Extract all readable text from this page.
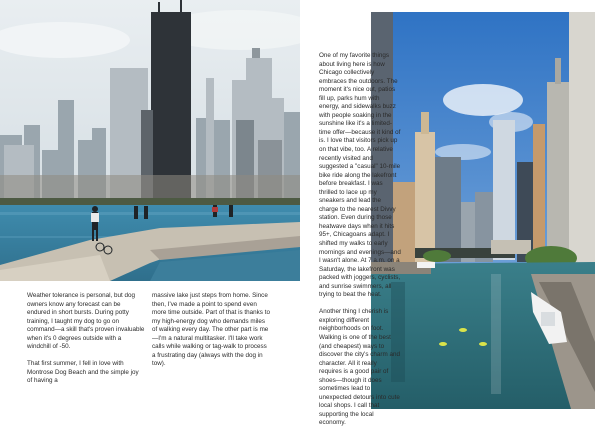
Weather tolerance is personal, but dog owners know any forecast can be endured in short bursts. During potty training, I taught my dog to go on command—a skill that's proven invaluable when it's 0 degrees outside with a windchill of -50.

That first summer, I fell in love with Montrose Dog Beach and the simple joy of having a

massive lake just steps from home. Since then, I've made a point to spend even more time outside. Part of that is thanks to my high-energy dog who demands miles of walking every day. The other part is me—I'm a natural multitasker. I'll take work calls while walking or tag-walk to process a frustrating day (always with the dog in tow).

One of my favorite things about living here is how Chicago collectively embraces the outdoors. The moment it's nice out, patios fill up, parks hum with energy, and sidewalks buzz with people soaking in the sunshine like it's a limited-time offer—because it kind of is. I love that visitors pick up on that vibe, too. A relative recently visited and suggested a "casual" 10-mile bike ride along the lakefront before breakfast. I was thrilled to lace up my sneakers and lead the charge to the nearest Divvy station. Even during those heatwave days when it hits 95+, Chicagoans adapt. I shifted my walks to early mornings and evenings—and I wasn't alone. At 7 a.m. on a Saturday, the lakefront was packed with joggers, cyclists, and sunrise swimmers, all trying to beat the heat.

Another thing I cherish is exploring different neighborhoods on foot. Walking is one of the best (and cheapest) ways to discover the city's charm and character. All it really requires is a good pair of shoes—though it does sometimes lead to unexpected detours into cute local shops. I call that supporting the local economy.
